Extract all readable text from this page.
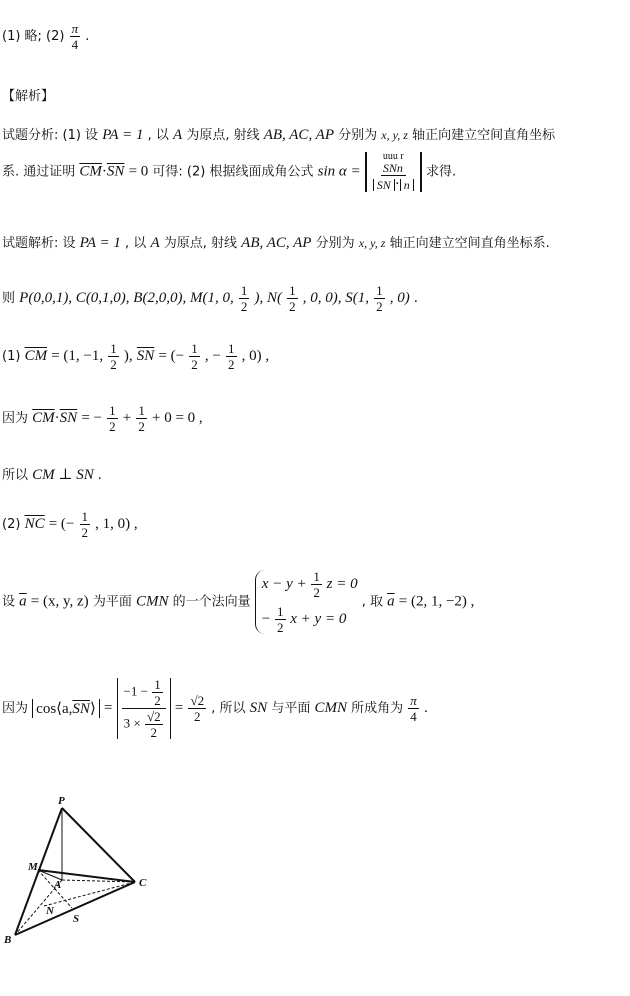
(1) 略; $(2) \frac{\pi}{4}$ .
【解析】
试题分析: (1) 设 PA = 1 , 以 A 为原点, 射线 AB, AC, AP 分别为 x, y, z 轴正向建立空间直角坐标
系. 通过证明 $\overline{CM}\cdot\overline{SN} = 0$ 可得: (2) 根据线面成角公式 sin α = uuu r
SNn
SN · n 求得.
试题解析: 设 PA = 1 , 以 A 为原点, 射线 AB, AC, AP 分别为 x, y, z 轴正向建立空间直角坐标系.
则 P(0,0,1), C(0,1,0), B(2,0,0), M(1, 0, $\frac{1}{2}$ ), $N( \frac{1}{2}$ , 0, 0), S(1, $\frac{1}{2}$ , 0) .
(1) $\overline{CM} = (1$, −1, $\frac{1}{2}$ ), $\overline{SN}$ = (− $\frac{1}{2}$ , − $\frac{1}{2}$ , 0) ,
因为 $\overline{CM}\cdot\overline{SN}$ = − $\frac{1}{2} + \frac{1}{2} + 0 = 0$ ,
所以 CM ⊥ SN .
(2) $\overline{NC}$ = (− $\frac{1}{2}$ , 1, 0) ,
设 $\overline{a} = (x$, y, z) 为平面 CMN 的一个法向量
$x - y + \frac{1}{2}$ z = 0
− $\frac{1}{2}$ x + y = 0
, 取 $\overline{a} = (2$, 1, −2) ,
因为 $\cos⟨a,\overline{SN}⟩ = \frac{-1 - \frac{1}{2}}{3 \times \frac{√2}{2}} = \frac{√2}{2}$ , 所以 SN 与平面 CMN 所成角为 $\frac{\pi}{4}$ .
P
M
A
N
S
B
C
